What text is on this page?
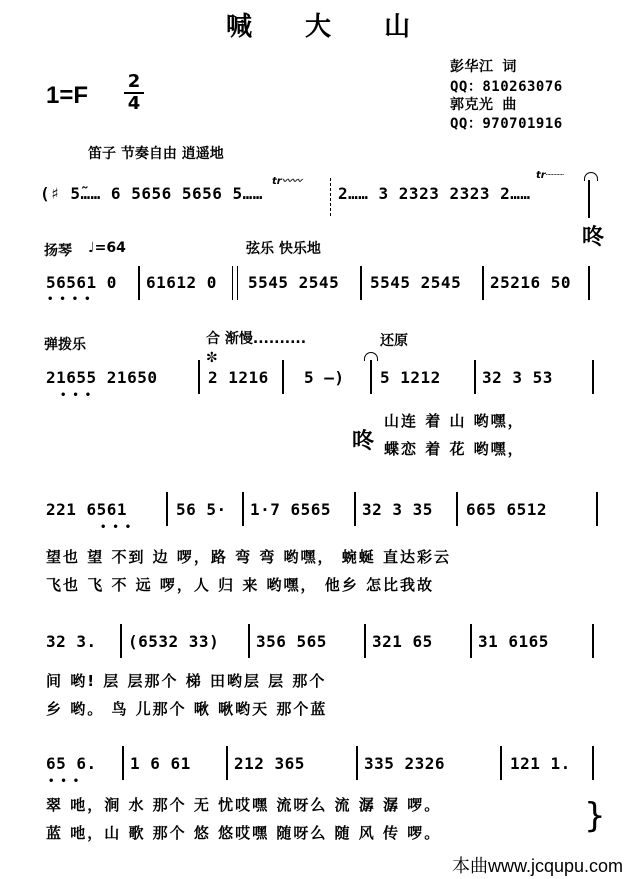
喊 大 山
1=F
2
4
彭华江 词
QQ：810263076
郭克光 曲
QQ：970701916
笛子 节奏自由 逍遥地
tr〰〰
tr┈┈┈
(♯ 5̃…… 6 5656 5656 5……	2…… 3 2323 2323 2……
咚
扬琴 ♩=64	弦乐 快乐地
56561 0 61612 0 5545 2545 5545 2545 25216 50
••••
弹拨乐	合 渐慢..........	还原
21655 21650
✼
2 1216 5 –) 5 1212	32 3 53
•••
咚
山连 着 山 哟嘿，
蝶恋 着 花 哟嘿，
221 6561	56 5· 1·7 6565 32 3 35 665 6512
•••
望也 望 不到 边 啰，路 弯 弯 哟嘿， 蜿蜒 直达彩云
飞也 飞 不 远 啰，人 归 来 哟嘿， 他乡 怎比我故
32 3. (6532 33) 356 565	321 65	31 6165
间 哟! 层 层那个 梯 田哟层 层 那个
乡 哟。 鸟 儿那个 啾 啾哟天 那个蓝
65 6. 1 6 61	212 365	335 2326	121 1.
•••
翠 吔，涧 水 那个 无 忧哎嘿 流呀么 流 潺 潺 啰。
蓝 吔，山 歌 那个 悠 悠哎嘿 随呀么 随 风 传 啰。	}
本曲www.jcqupu.com
